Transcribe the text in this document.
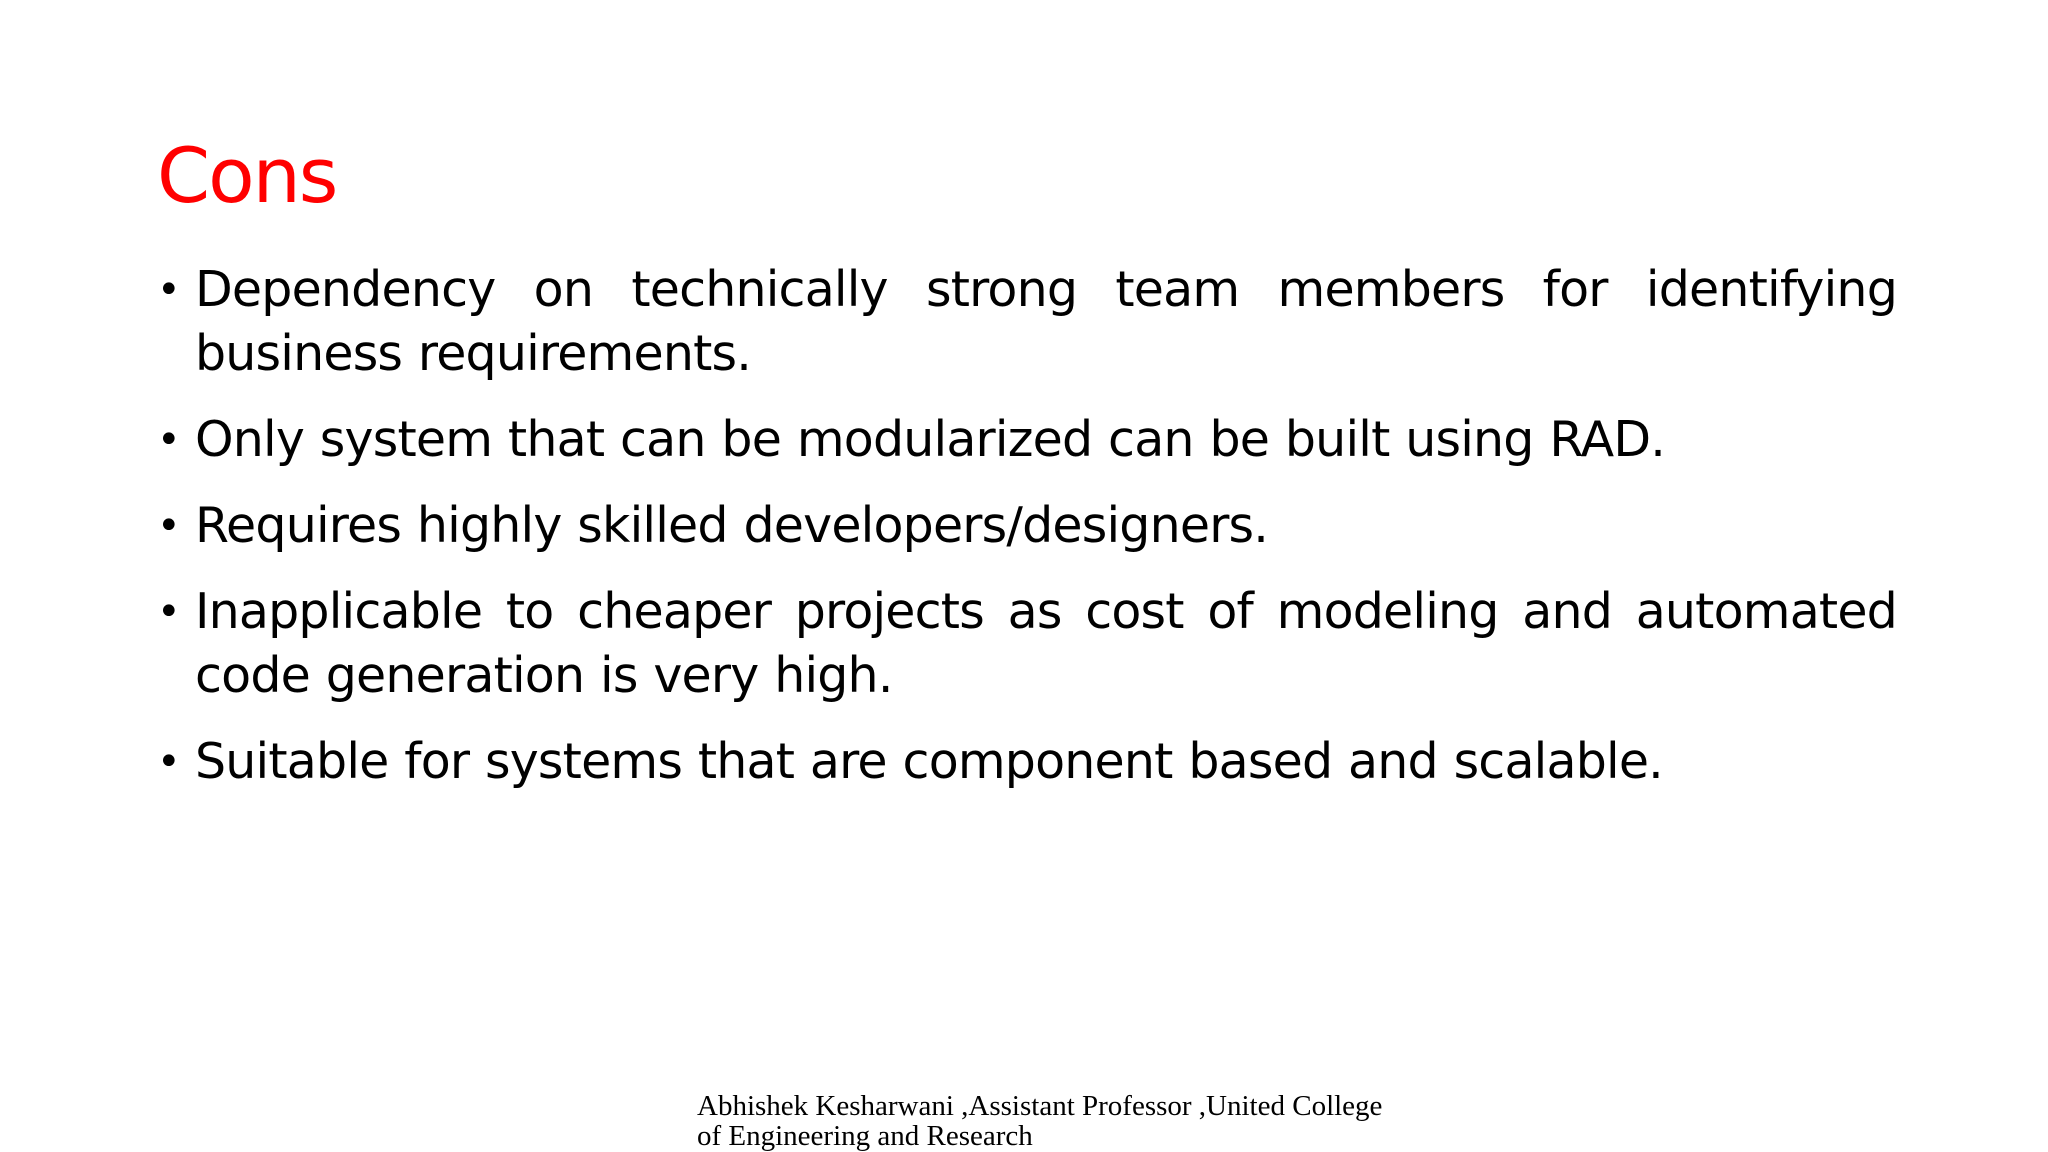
Cons
• Dependency on technically strong team members for identifying business requirements.
• Only system that can be modularized can be built using RAD.
• Requires highly skilled developers/designers.
• Inapplicable to cheaper projects as cost of modeling and automated code generation is very high.
• Suitable for systems that are component based and scalable.
Abhishek Kesharwani ,Assistant Professor ,United College of Engineering and Research
